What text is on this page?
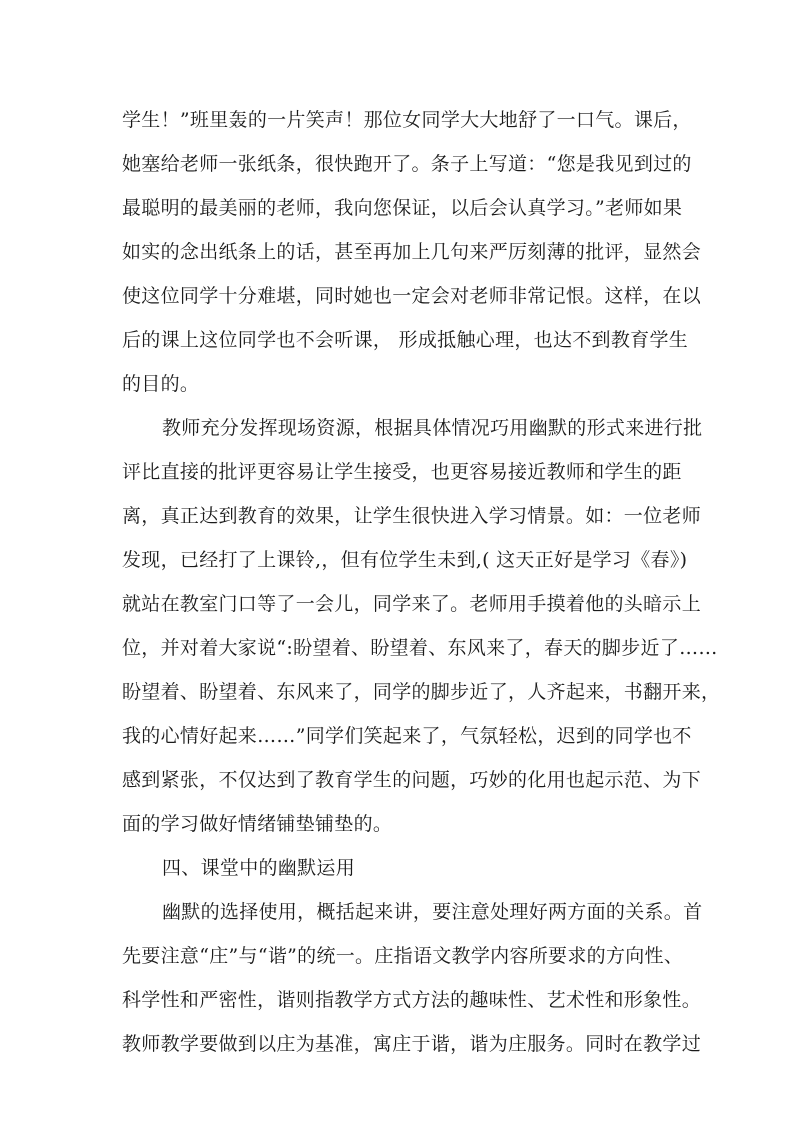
学生！”班里轰的一片笑声！那位女同学大大地舒了一口气。课后，
她塞给老师一张纸条，很快跑开了。条子上写道：“您是我见到过的
最聪明的最美丽的老师，我向您保证，以后会认真学习。”老师如果
如实的念出纸条上的话，甚至再加上几句来严厉刻薄的批评，显然会
使这位同学十分难堪，同时她也一定会对老师非常记恨。这样，在以
后的课上这位同学也不会听课， 形成抵触心理，也达不到教育学生
的目的。
教师充分发挥现场资源，根据具体情况巧用幽默的形式来进行批
评比直接的批评更容易让学生接受，也更容易接近教师和学生的距
离，真正达到教育的效果，让学生很快进入学习情景。如：一位老师
发现，已经打了上课铃,，但有位学生未到,( 这天正好是学习《春》)
就站在教室门口等了一会儿，同学来了。老师用手摸着他的头暗示上
位，并对着大家说“:盼望着、盼望着、东风来了，春天的脚步近了……
盼望着、盼望着、东风来了，同学的脚步近了，人齐起来，书翻开来，
我的心情好起来……”同学们笑起来了，气氛轻松，迟到的同学也不
感到紧张，不仅达到了教育学生的问题，巧妙的化用也起示范、为下
面的学习做好情绪铺垫铺垫的。
四、课堂中的幽默运用
幽默的选择使用，概括起来讲，要注意处理好两方面的关系。首
先要注意“庄”与“谐”的统一。庄指语文教学内容所要求的方向性、
科学性和严密性，谐则指教学方式方法的趣味性、艺术性和形象性。
教师教学要做到以庄为基准，寓庄于谐，谐为庄服务。同时在教学过
